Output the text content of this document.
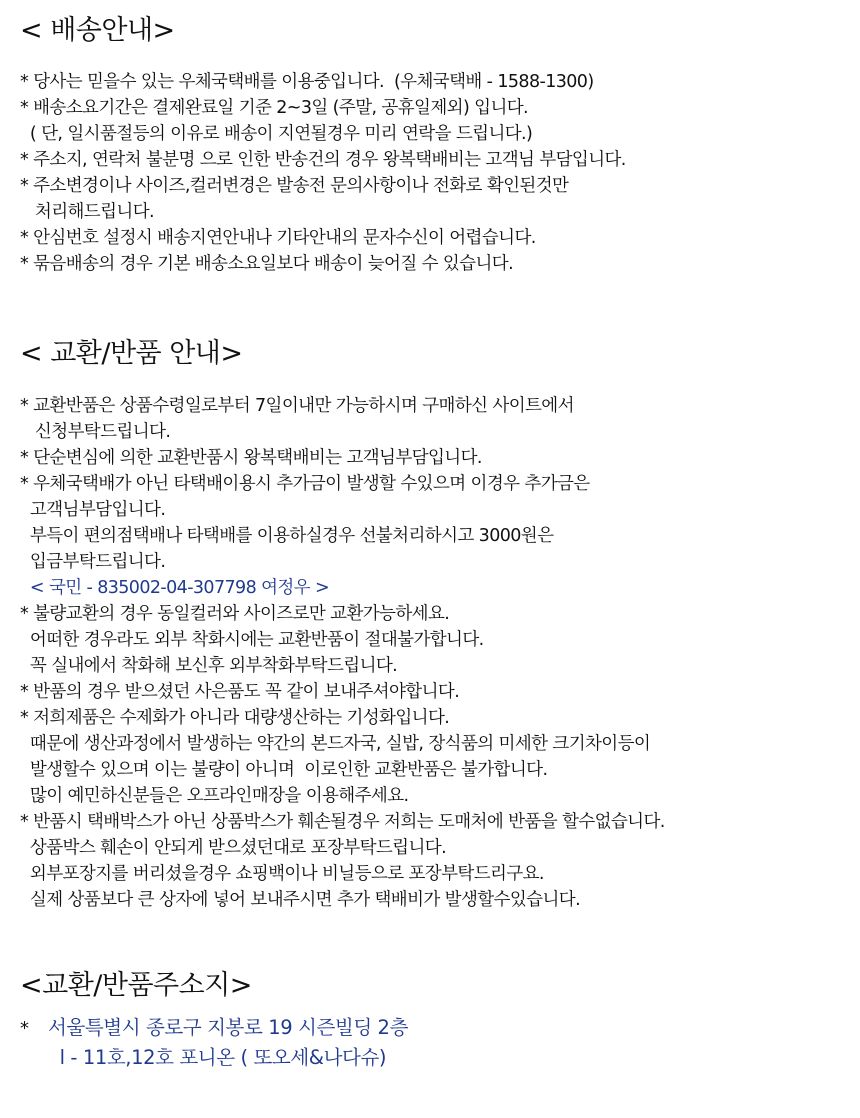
< 배송안내>
* 당사는 믿을수 있는 우체국택배를 이용중입니다.  (우체국택배 - 1588-1300)
* 배송소요기간은 결제완료일 기준 2~3일 (주말, 공휴일제외) 입니다.
( 단, 일시품절등의 이유로 배송이 지연될경우 미리 연락을 드립니다.)
* 주소지, 연락처 불분명 으로 인한 반송건의 경우 왕복택배비는 고객님 부담입니다.
* 주소변경이나 사이즈,컬러변경은 발송전 문의사항이나 전화로 확인된것만
처리해드립니다.
* 안심번호 설정시 배송지연안내나 기타안내의 문자수신이 어렵습니다.
* 묶음배송의 경우 기본 배송소요일보다 배송이 늦어질 수 있습니다.
< 교환/반품 안내>
* 교환반품은 상품수령일로부터 7일이내만 가능하시며 구매하신 사이트에서
신청부탁드립니다.
* 단순변심에 의한 교환반품시 왕복택배비는 고객님부담입니다.
* 우체국택배가 아닌 타택배이용시 추가금이 발생할 수있으며 이경우 추가금은
고객님부담입니다.
부득이 편의점택배나 타택배를 이용하실경우 선불처리하시고 3000원은
입금부탁드립니다.
< 국민 - 835002-04-307798 여정우 >
* 불량교환의 경우 동일컬러와 사이즈로만 교환가능하세요.
어떠한 경우라도 외부 착화시에는 교환반품이 절대불가합니다.
꼭 실내에서 착화해 보신후 외부착화부탁드립니다.
* 반품의 경우 받으셨던 사은품도 꼭 같이 보내주셔야합니다.
* 저희제품은 수제화가 아니라 대량생산하는 기성화입니다.
때문에 생산과정에서 발생하는 약간의 본드자국, 실밥, 장식품의 미세한 크기차이등이
발생할수 있으며 이는 불량이 아니며  이로인한 교환반품은 불가합니다.
많이 예민하신분들은 오프라인매장을 이용해주세요.
* 반품시 택배박스가 아닌 상품박스가 훼손될경우 저희는 도매처에 반품을 할수없습니다.
상품박스 훼손이 안되게 받으셨던대로 포장부탁드립니다.
외부포장지를 버리셨을경우 쇼핑백이나 비닐등으로 포장부탁드리구요.
실제 상품보다 큰 상자에 넣어 보내주시면 추가 택배비가 발생할수있습니다.
<교환/반품주소지>
* 서울특별시 종로구 지봉로 19 시즌빌딩 2층
l - 11호,12호 포니온 ( 또오세&나다슈)
